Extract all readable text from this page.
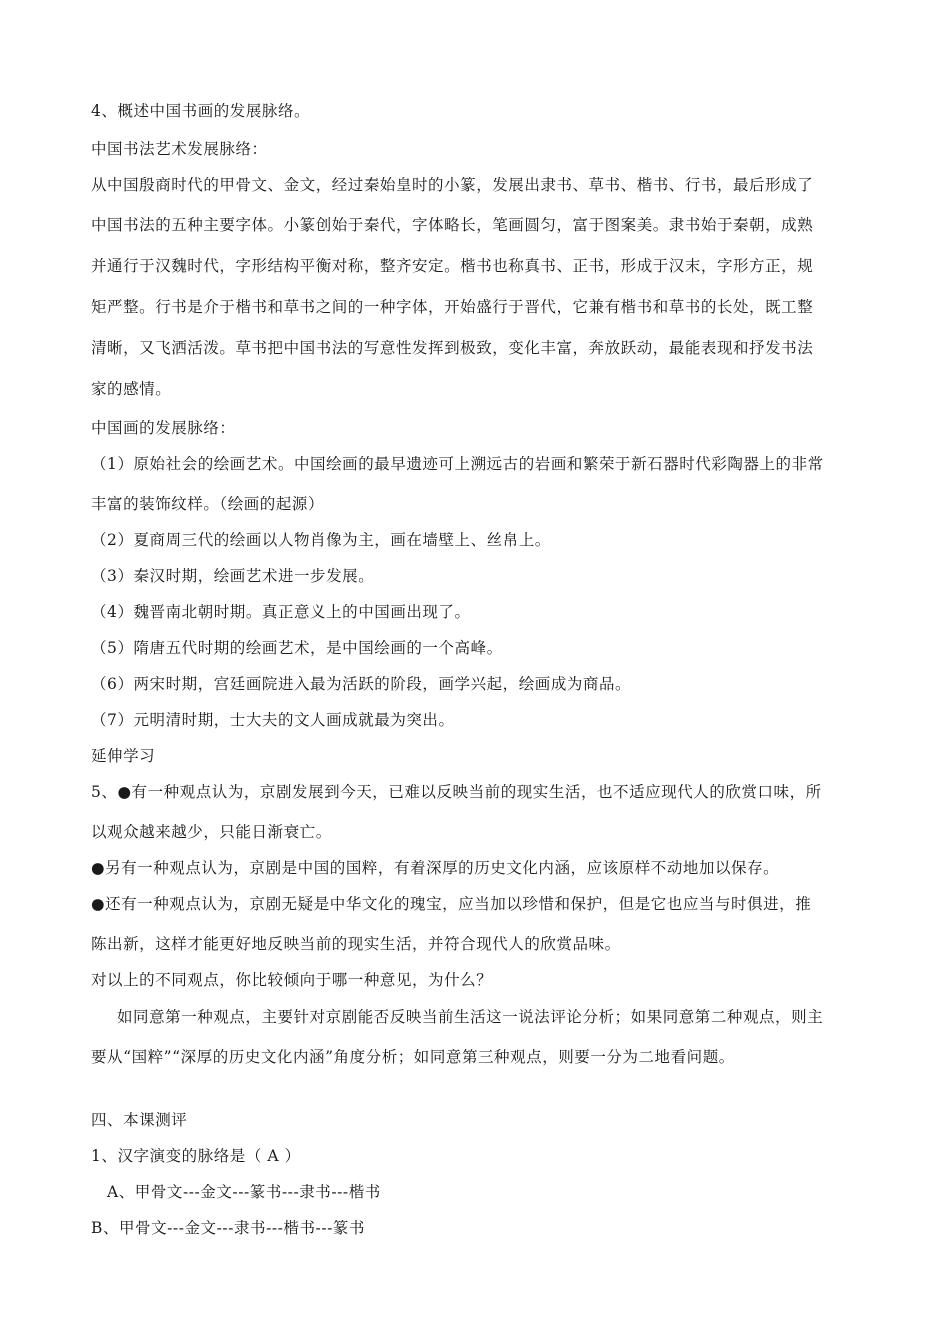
4、概述中国书画的发展脉络。
中国书法艺术发展脉络：
从中国殷商时代的甲骨文、金文，经过秦始皇时的小篆，发展出隶书、草书、楷书、行书，最后形成了
中国书法的五种主要字体。小篆创始于秦代，字体略长，笔画圆匀，富于图案美。隶书始于秦朝，成熟
并通行于汉魏时代，字形结构平衡对称，整齐安定。楷书也称真书、正书，形成于汉末，字形方正，规
矩严整。行书是介于楷书和草书之间的一种字体，开始盛行于晋代，它兼有楷书和草书的长处，既工整
清晰，又飞洒活泼。草书把中国书法的写意性发挥到极致，变化丰富，奔放跃动，最能表现和抒发书法
家的感情。
中国画的发展脉络：
（1）原始社会的绘画艺术。中国绘画的最早遗迹可上溯远古的岩画和繁荣于新石器时代彩陶器上的非常
丰富的装饰纹样。（绘画的起源）
（2）夏商周三代的绘画以人物肖像为主，画在墙壁上、丝帛上。
（3）秦汉时期，绘画艺术进一步发展。
（4）魏晋南北朝时期。真正意义上的中国画出现了。
（5）隋唐五代时期的绘画艺术，是中国绘画的一个高峰。
（6）两宋时期，宫廷画院进入最为活跃的阶段，画学兴起，绘画成为商品。
（7）元明清时期，士大夫的文人画成就最为突出。
延伸学习
5、●有一种观点认为，京剧发展到今天，已难以反映当前的现实生活，也不适应现代人的欣赏口味，所
以观众越来越少，只能日渐衰亡。
●另有一种观点认为，京剧是中国的国粹，有着深厚的历史文化内涵，应该原样不动地加以保存。
●还有一种观点认为，京剧无疑是中华文化的瑰宝，应当加以珍惜和保护，但是它也应当与时俱进，推
陈出新，这样才能更好地反映当前的现实生活，并符合现代人的欣赏品味。
对以上的不同观点，你比较倾向于哪一种意见，为什么？
如同意第一种观点，主要针对京剧能否反映当前生活这一说法评论分析；如果同意第二种观点，则主
要从“国粹”“深厚的历史文化内涵”角度分析；如同意第三种观点，则要一分为二地看问题。
四、本课测评
1、汉字演变的脉络是（ A ）
A、甲骨文---金文---篆书---隶书---楷书
B、甲骨文---金文---隶书---楷书---篆书
